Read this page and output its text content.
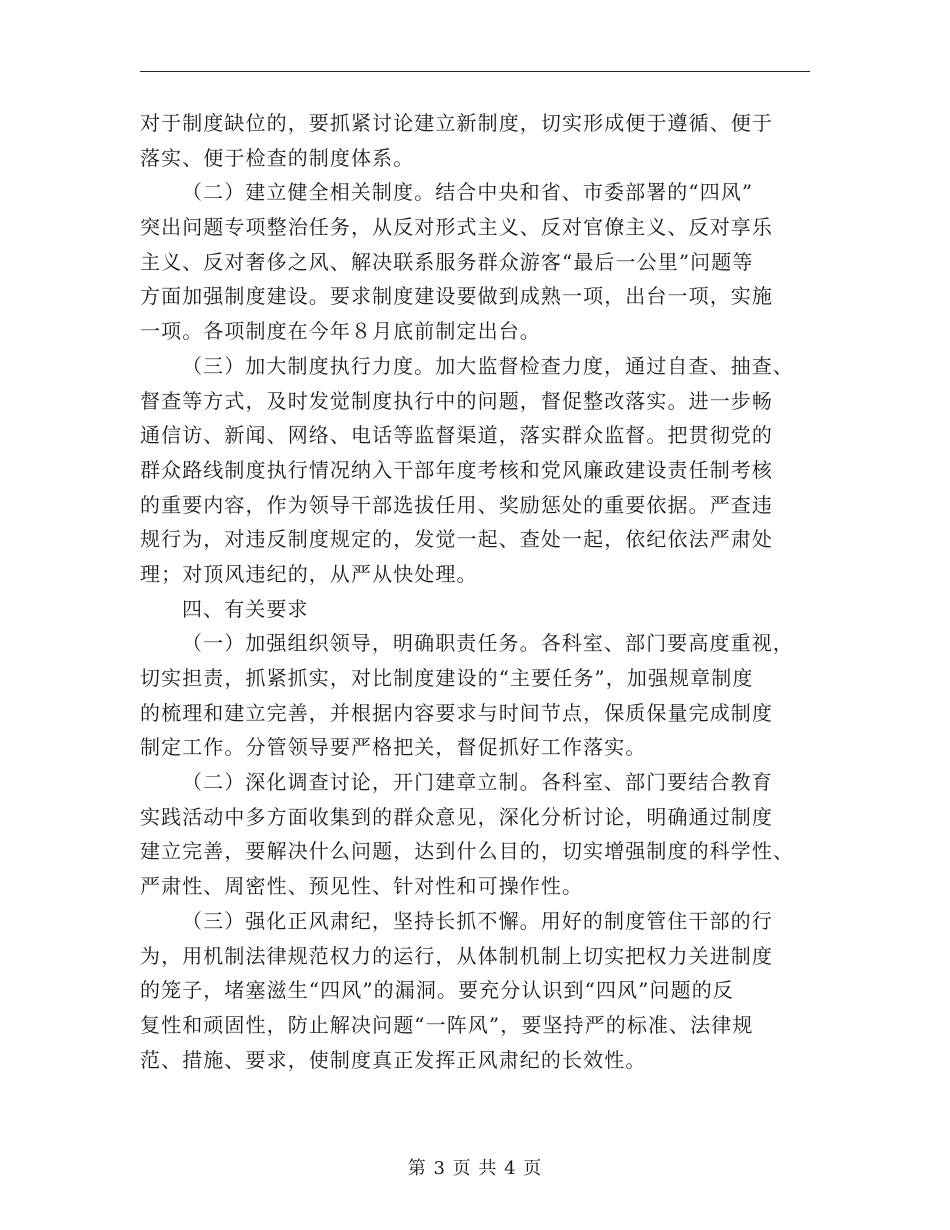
对于制度缺位的，要抓紧讨论建立新制度，切实形成便于遵循、便于
落实、便于检查的制度体系。
（二）建立健全相关制度。结合中央和省、市委部署的“四风”
突出问题专项整治任务，从反对形式主义、反对官僚主义、反对享乐
主义、反对奢侈之风、解决联系服务群众游客“最后一公里”问题等
方面加强制度建设。要求制度建设要做到成熟一项，出台一项，实施
一项。各项制度在今年８月底前制定出台。
（三）加大制度执行力度。加大监督检查力度，通过自查、抽查、
督查等方式，及时发觉制度执行中的问题，督促整改落实。进一步畅
通信访、新闻、网络、电话等监督渠道，落实群众监督。把贯彻党的
群众路线制度执行情况纳入干部年度考核和党风廉政建设责任制考核
的重要内容，作为领导干部选拔任用、奖励惩处的重要依据。严查违
规行为，对违反制度规定的，发觉一起、查处一起，依纪依法严肃处
理；对顶风违纪的，从严从快处理。
四、有关要求
（一）加强组织领导，明确职责任务。各科室、部门要高度重视，
切实担责，抓紧抓实，对比制度建设的“主要任务”，加强规章制度
的梳理和建立完善，并根据内容要求与时间节点，保质保量完成制度
制定工作。分管领导要严格把关，督促抓好工作落实。
（二）深化调查讨论，开门建章立制。各科室、部门要结合教育
实践活动中多方面收集到的群众意见，深化分析讨论，明确通过制度
建立完善，要解决什么问题，达到什么目的，切实增强制度的科学性、
严肃性、周密性、预见性、针对性和可操作性。
（三）强化正风肃纪，坚持长抓不懈。用好的制度管住干部的行
为，用机制法律规范权力的运行，从体制机制上切实把权力关进制度
的笼子，堵塞滋生“四风”的漏洞。要充分认识到“四风”问题的反
复性和顽固性，防止解决问题“一阵风”，要坚持严的标准、法律规
范、措施、要求，使制度真正发挥正风肃纪的长效性。
第 3 页 共 4 页
